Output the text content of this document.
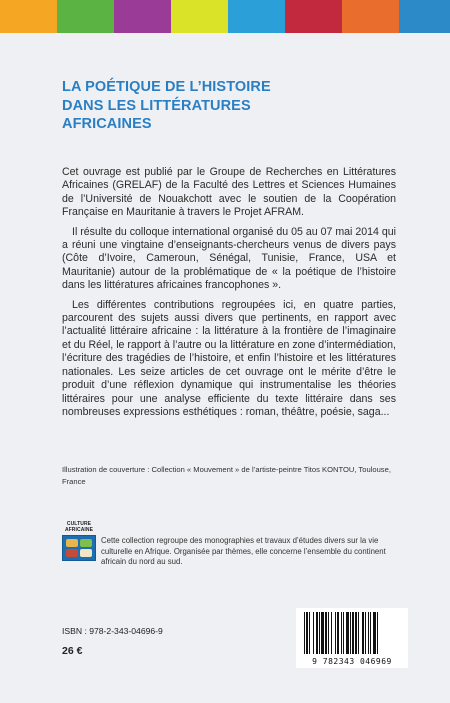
LA POÉTIQUE DE L’HISTOIRE
DANS LES LITTÉRATURES
AFRICAINES

Cet ouvrage est publié par le Groupe de Recherches en Littératures Africaines (GRELAF) de la Faculté des Lettres et Sciences Humaines de l’Université de Nouakchott avec le soutien de la Coopération Française en Mauritanie à travers le Projet AFRAM.

Il résulte du colloque international organisé du 05 au 07 mai 2014 qui a réuni une vingtaine d’enseignants-chercheurs venus de divers pays (Côte d’Ivoire, Cameroun, Sénégal, Tunisie, France, USA et Mauritanie) autour de la problématique de « la poétique de l’histoire dans les littératures africaines francophones ».

Les différentes contributions regroupées ici, en quatre parties, parcourent des sujets aussi divers que pertinents, en rapport avec l’actualité littéraire africaine : la littérature à la frontière de l’imaginaire et du Réel, le rapport à l’autre ou la littérature en zone d’intermédiation, l’écriture des tragédies de l’histoire, et enfin l’histoire et les littératures nationales. Les seize articles de cet ouvrage ont le mérite d’être le produit d’une réflexion dynamique qui instrumentalise les théories littéraires pour une analyse efficiente du texte littéraire dans ses nombreuses expressions esthétiques : roman, théâtre, poésie, saga...

Illustration de couverture : Collection « Mouvement » de l’artiste-peintre Titos KONTOU, Toulouse, France
CULTURE
AFRICAINE
Cette collection regroupe des monographies et travaux d’études divers sur la vie culturelle en Afrique. Organisée par thèmes, elle concerne l’ensemble du continent africain du nord au sud.
ISBN : 978-2-343-04696-9
26 €
9 782343 046969
